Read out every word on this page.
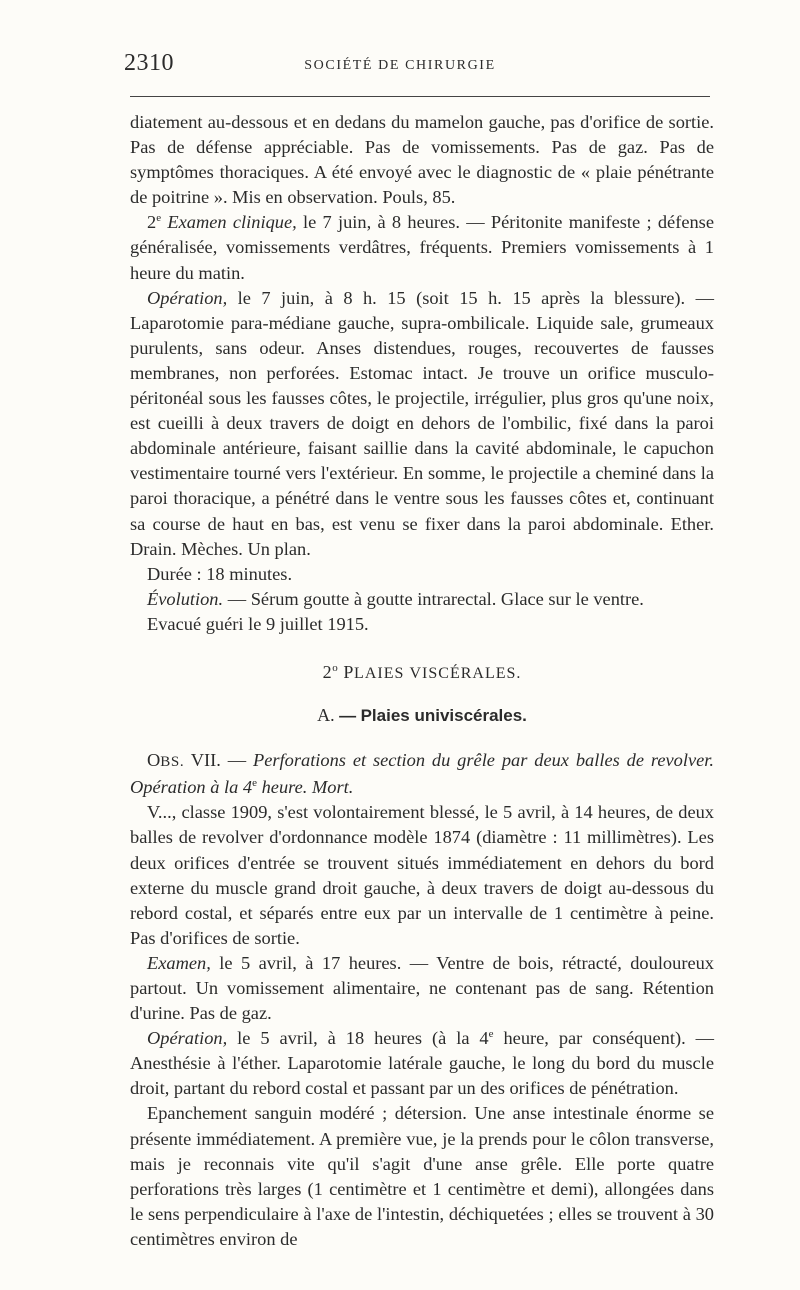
2310	SOCIÉTÉ DE CHIRURGIE

diatement au-dessous et en dedans du mamelon gauche, pas d'orifice de sortie. Pas de défense appréciable. Pas de vomissements. Pas de gaz. Pas de symptômes thoraciques. A été envoyé avec le diagnostic de « plaie pénétrante de poitrine ». Mis en observation. Pouls, 85.

2e Examen clinique, le 7 juin, à 8 heures. — Péritonite manifeste ; défense généralisée, vomissements verdâtres, fréquents. Premiers vomissements à 1 heure du matin.

Opération, le 7 juin, à 8 h. 15 (soit 15 h. 15 après la blessure). — Laparotomie para-médiane gauche, supra-ombilicale. Liquide sale, grumeaux purulents, sans odeur. Anses distendues, rouges, recouvertes de fausses membranes, non perforées. Estomac intact. Je trouve un orifice musculo-péritonéal sous les fausses côtes, le projectile, irrégulier, plus gros qu'une noix, est cueilli à deux travers de doigt en dehors de l'ombilic, fixé dans la paroi abdominale antérieure, faisant saillie dans la cavité abdominale, le capuchon vestimentaire tourné vers l'extérieur. En somme, le projectile a cheminé dans la paroi thoracique, a pénétré dans le ventre sous les fausses côtes et, continuant sa course de haut en bas, est venu se fixer dans la paroi abdominale. Ether. Drain. Mèches. Un plan.

Durée : 18 minutes.

Évolution. — Sérum goutte à goutte intrarectal. Glace sur le ventre.

Evacué guéri le 9 juillet 1915.

2$^o$ PLAIES VISCÉRALES.

A. — Plaies univiscérales.

OBS. VII. — Perforations et section du grêle par deux balles de revolver. Opération à la 4e heure. Mort.

V..., classe 1909, s'est volontairement blessé, le 5 avril, à 14 heures, de deux balles de revolver d'ordonnance modèle 1874 (diamètre : 11 millimètres). Les deux orifices d'entrée se trouvent situés immédiatement en dehors du bord externe du muscle grand droit gauche, à deux travers de doigt au-dessous du rebord costal, et séparés entre eux par un intervalle de 1 centimètre à peine. Pas d'orifices de sortie.

Examen, le 5 avril, à 17 heures. — Ventre de bois, rétracté, douloureux partout. Un vomissement alimentaire, ne contenant pas de sang. Rétention d'urine. Pas de gaz.

Opération, le 5 avril, à 18 heures (à la 4e heure, par conséquent). — Anesthésie à l'éther. Laparotomie latérale gauche, le long du bord du muscle droit, partant du rebord costal et passant par un des orifices de pénétration.

Epanchement sanguin modéré ; détersion. Une anse intestinale énorme se présente immédiatement. A première vue, je la prends pour le côlon transverse, mais je reconnais vite qu'il s'agit d'une anse grêle. Elle porte quatre perforations très larges (1 centimètre et 1 centimètre et demi), allongées dans le sens perpendiculaire à l'axe de l'intestin, déchiquetées ; elles se trouvent à 30 centimètres environ de
